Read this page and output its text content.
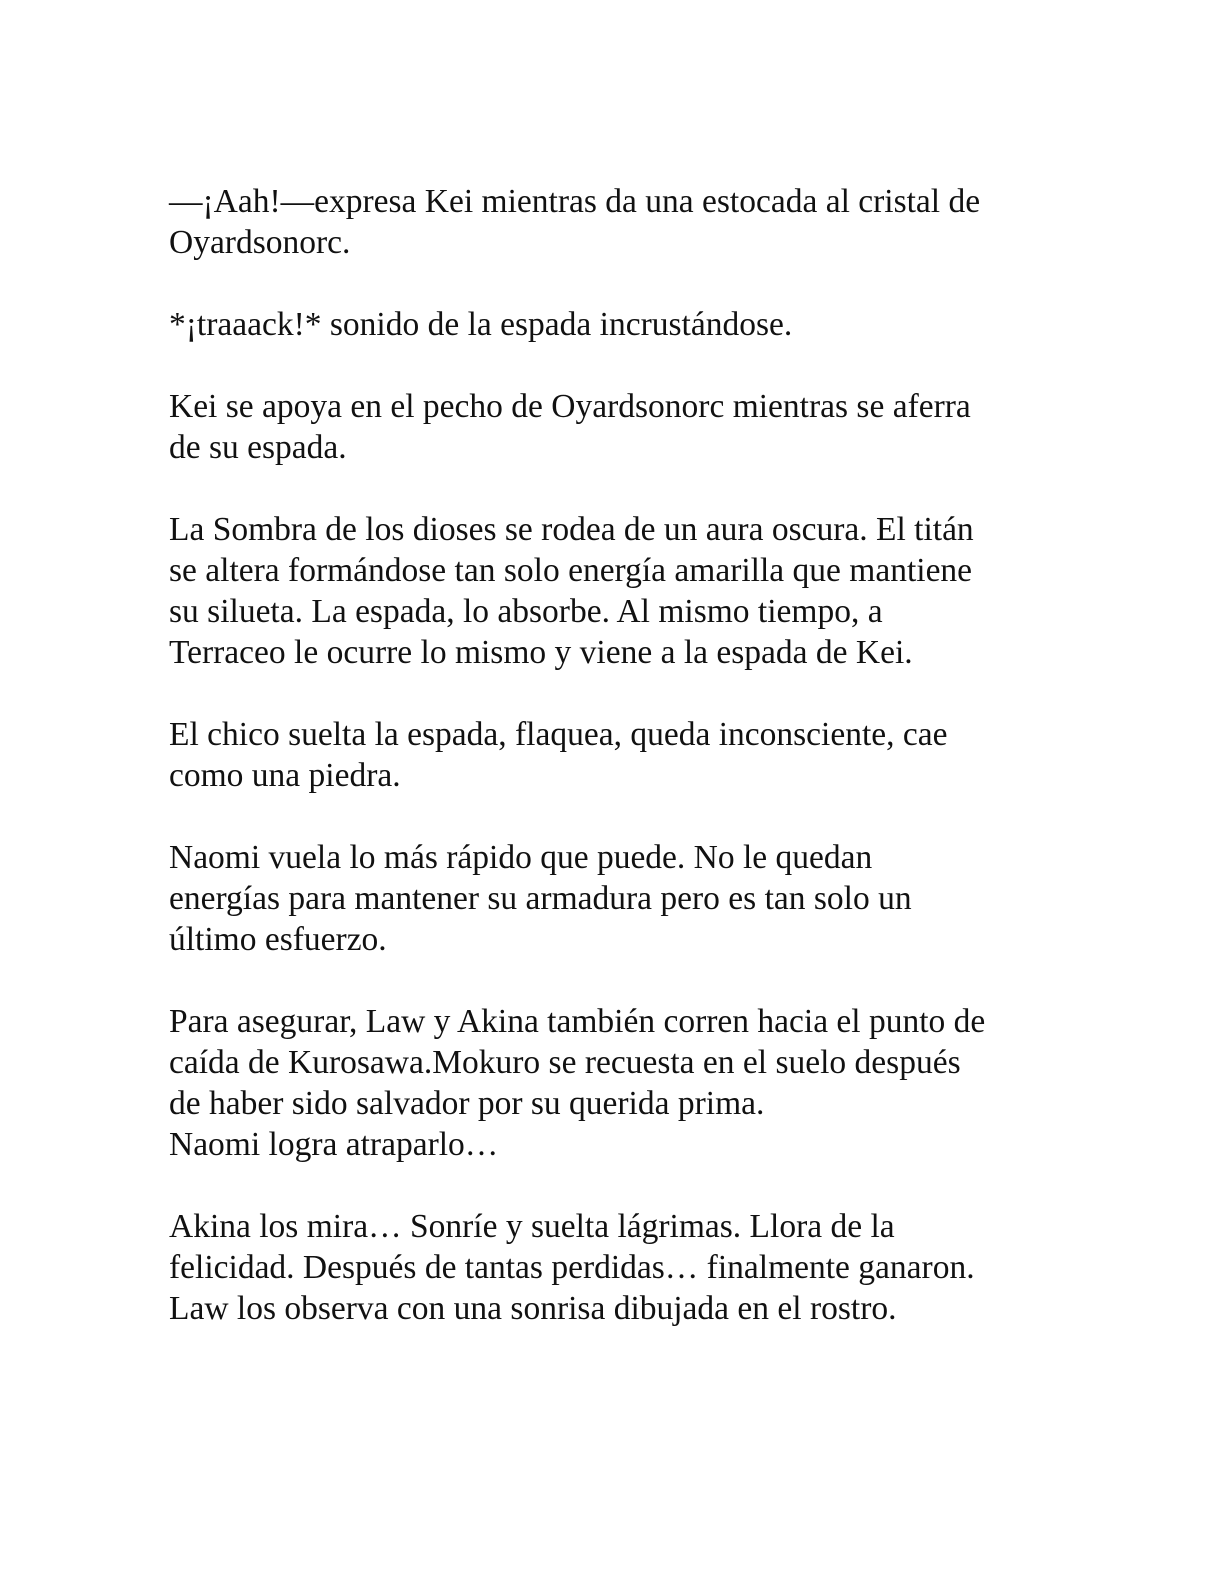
—¡Aah!—expresa Kei mientras da una estocada al cristal de
Oyardsonorc.

*¡traaack!* sonido de la espada incrustándose.

Kei se apoya en el pecho de Oyardsonorc mientras se aferra
de su espada.

La Sombra de los dioses se rodea de un aura oscura. El titán
se altera formándose tan solo energía amarilla que mantiene
su silueta. La espada, lo absorbe. Al mismo tiempo, a
Terraceo le ocurre lo mismo y viene a la espada de Kei.

El chico suelta la espada, flaquea, queda inconsciente, cae
como una piedra.

Naomi vuela lo más rápido que puede. No le quedan
energías para mantener su armadura pero es tan solo un
último esfuerzo.

Para asegurar, Law y Akina también corren hacia el punto de
caída de Kurosawa.Mokuro se recuesta en el suelo después
de haber sido salvador por su querida prima.
Naomi logra atraparlo…

Akina los mira… Sonríe y suelta lágrimas. Llora de la
felicidad. Después de tantas perdidas… finalmente ganaron.
Law los observa con una sonrisa dibujada en el rostro.
